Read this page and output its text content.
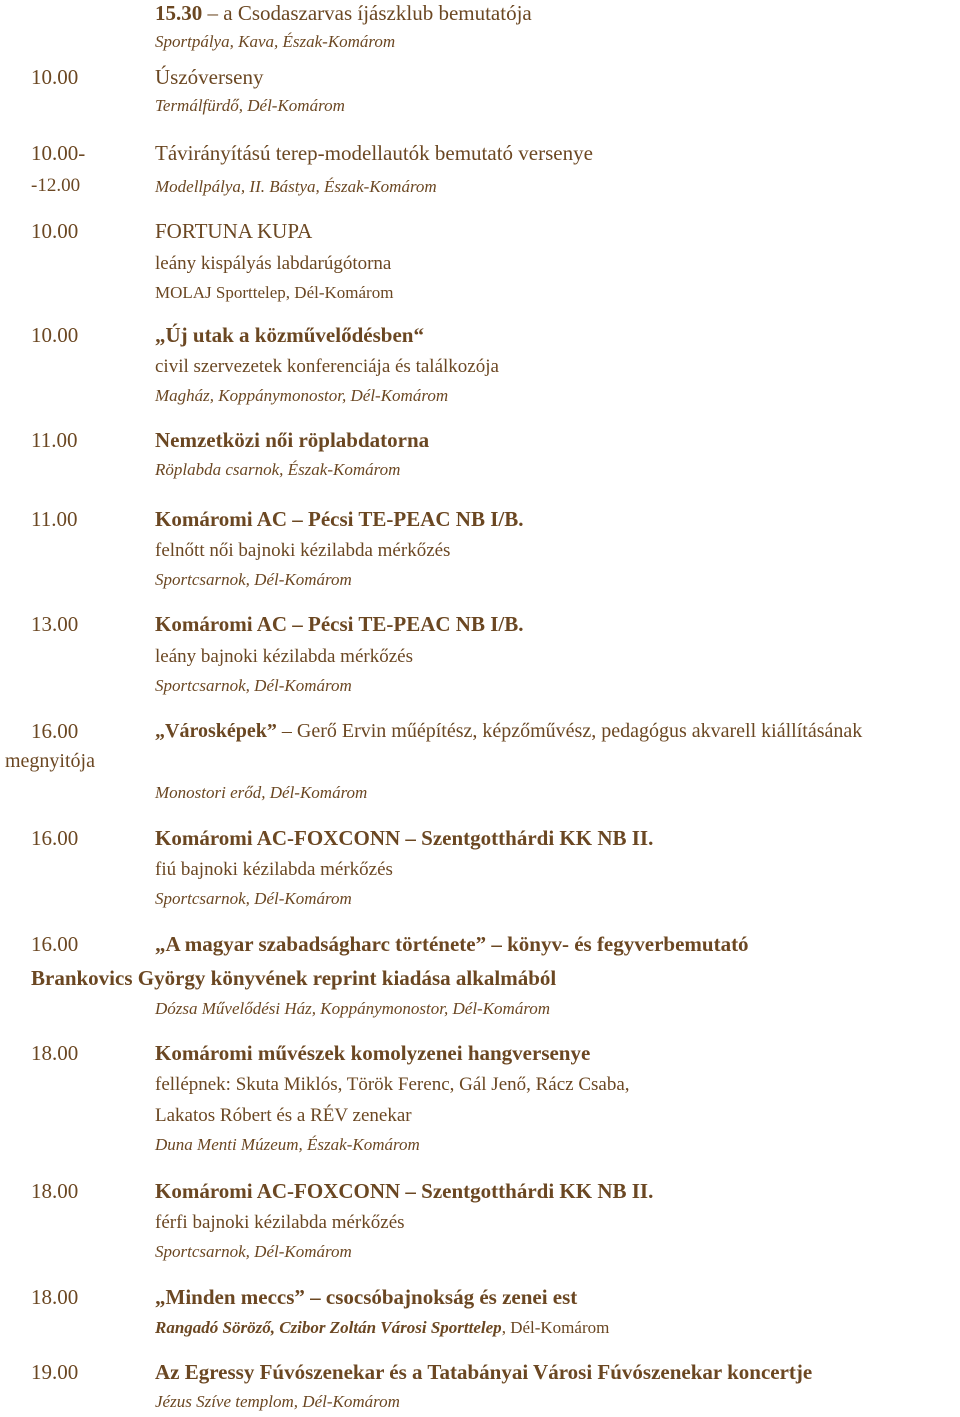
15.30 – a Csodaszarvas íjászklub bemutatója
Sportpálya, Kava, Észak-Komárom
10.00	Úszóverseny
Termálfürdő, Dél-Komárom
10.00-	Távirányítású terep-modellautók bemutató versenye
-12.00	Modellpálya, II. Bástya, Észak-Komárom
10.00	FORTUNA KUPA
leány kispályás labdarúgótorna
MOLAJ Sporttelep, Dél-Komárom
10.00	„Új utak a közművelődésben“
civil szervezetek konferenciája és találkozója
Magház, Koppánymonostor, Dél-Komárom
11.00	Nemzetközi női röplabdatorna
Röplabda csarnok, Észak-Komárom
11.00	Komáromi AC – Pécsi TE-PEAC NB I/B.
felnőtt női bajnoki kézilabda mérkőzés
Sportcsarnok, Dél-Komárom
13.00	Komáromi AC – Pécsi TE-PEAC NB I/B.
leány bajnoki kézilabda mérkőzés
Sportcsarnok, Dél-Komárom
16.00	„Városképek” – Gerő Ervin műépítész, képzőművész, pedagógus akvarell kiállításának
megnyitója
Monostori erőd, Dél-Komárom
16.00	Komáromi AC-FOXCONN – Szentgotthárdi KK NB II.
fiú bajnoki kézilabda mérkőzés
Sportcsarnok, Dél-Komárom
16.00	„A magyar szabadságharc története” – könyv- és fegyverbemutató
Brankovics György könyvének reprint kiadása alkalmából
Dózsa Művelődési Ház, Koppánymonostor, Dél-Komárom
18.00	Komáromi művészek komolyzenei hangversenye
fellépnek: Skuta Miklós, Török Ferenc, Gál Jenő, Rácz Csaba,
Lakatos Róbert és a RÉV zenekar
Duna Menti Múzeum, Észak-Komárom
18.00	Komáromi AC-FOXCONN – Szentgotthárdi KK NB II.
férfi bajnoki kézilabda mérkőzés
Sportcsarnok, Dél-Komárom
18.00	„Minden meccs” – csocsóbajnokság és zenei est
Rangadó Söröző, Czibor Zoltán Városi Sporttelep, Dél-Komárom
19.00	Az Egressy Fúvószenekar és a Tatabányai Városi Fúvószenekar koncertje
Jézus Szíve templom, Dél-Komárom
